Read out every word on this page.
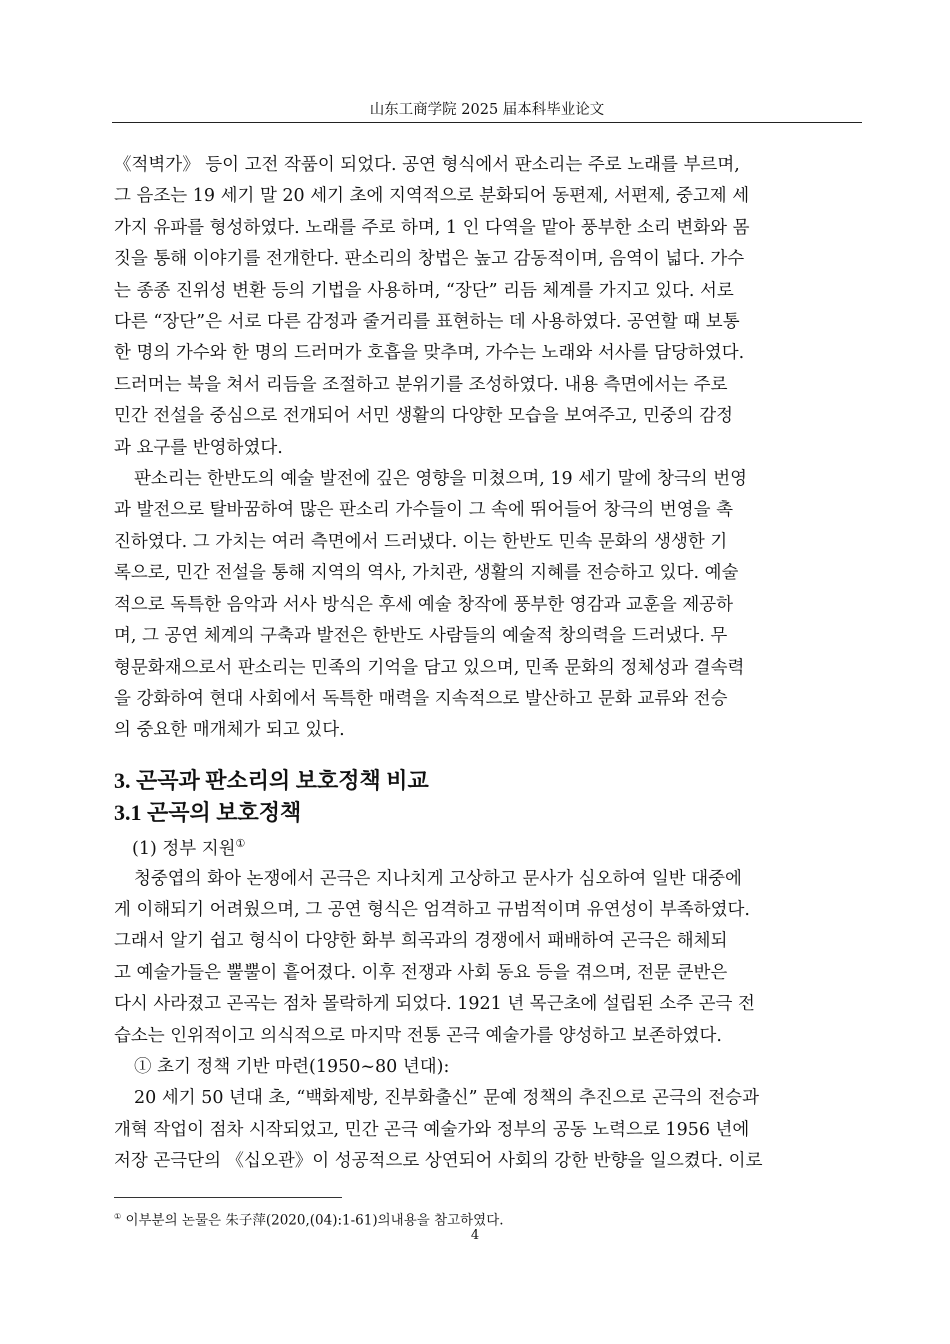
山东工商学院 2025 届本科毕业论文
《적벽가》 등이 고전 작품이 되었다. 공연 형식에서 판소리는 주로 노래를 부르며,
그 음조는 19 세기 말 20 세기 초에 지역적으로 분화되어 동편제, 서편제, 중고제 세
가지 유파를 형성하였다. 노래를 주로 하며, 1 인 다역을 맡아 풍부한 소리 변화와 몸
짓을 통해 이야기를 전개한다. 판소리의 창법은 높고 감동적이며, 음역이 넓다. 가수
는 종종 진위성 변환 등의 기법을 사용하며, “장단” 리듬 체계를 가지고 있다. 서로
다른 “장단”은 서로 다른 감정과 줄거리를 표현하는 데 사용하였다. 공연할 때 보통
한 명의 가수와 한 명의 드러머가 호흡을 맞추며, 가수는 노래와 서사를 담당하였다.
드러머는 북을 쳐서 리듬을 조절하고 분위기를 조성하였다. 내용 측면에서는 주로
민간 전설을 중심으로 전개되어 서민 생활의 다양한 모습을 보여주고, 민중의 감정
과 요구를 반영하였다.
판소리는 한반도의 예술 발전에 깊은 영향을 미쳤으며, 19 세기 말에 창극의 번영
과 발전으로 탈바꿈하여 많은 판소리 가수들이 그 속에 뛰어들어 창극의 번영을 촉
진하였다. 그 가치는 여러 측면에서 드러냈다. 이는 한반도 민속 문화의 생생한 기
록으로, 민간 전설을 통해 지역의 역사, 가치관, 생활의 지혜를 전승하고 있다. 예술
적으로 독특한 음악과 서사 방식은 후세 예술 창작에 풍부한 영감과 교훈을 제공하
며, 그 공연 체계의 구축과 발전은 한반도 사람들의 예술적 창의력을 드러냈다. 무
형문화재으로서 판소리는 민족의 기억을 담고 있으며, 민족 문화의 정체성과 결속력
을 강화하여 현대 사회에서 독특한 매력을 지속적으로 발산하고 문화 교류와 전승
의 중요한 매개체가 되고 있다.
3. 곤곡과 판소리의 보호정책 비교
3.1 곤곡의 보호정책
(1) 정부 지원①
청중엽의 화아 논쟁에서 곤극은 지나치게 고상하고 문사가 심오하여 일반 대중에
게 이해되기 어려웠으며, 그 공연 형식은 엄격하고 규범적이며 유연성이 부족하였다.
그래서 알기 쉽고 형식이 다양한 화부 희곡과의 경쟁에서 패배하여 곤극은 해체되
고 예술가들은 뿔뿔이 흩어졌다. 이후 전쟁과 사회 동요 등을 겪으며, 전문 쿤반은
다시 사라졌고 곤곡는 점차 몰락하게 되었다. 1921 년 목근초에 설립된 소주 곤극 전
습소는 인위적이고 의식적으로 마지막 전통 곤극 예술가를 양성하고 보존하였다.
① 초기 정책 기반 마련(1950~80 년대):
20 세기 50 년대 초, “백화제방, 진부화출신” 문예 정책의 추진으로 곤극의 전승과
개혁 작업이 점차 시작되었고, 민간 곤극 예술가와 정부의 공동 노력으로 1956 년에
저장 곤극단의 《십오관》이 성공적으로 상연되어 사회의 강한 반향을 일으켰다. 이로
① 이부분의 논물은 朱子萍(2020,(04):1-61)의내용을 참고하였다.
4
